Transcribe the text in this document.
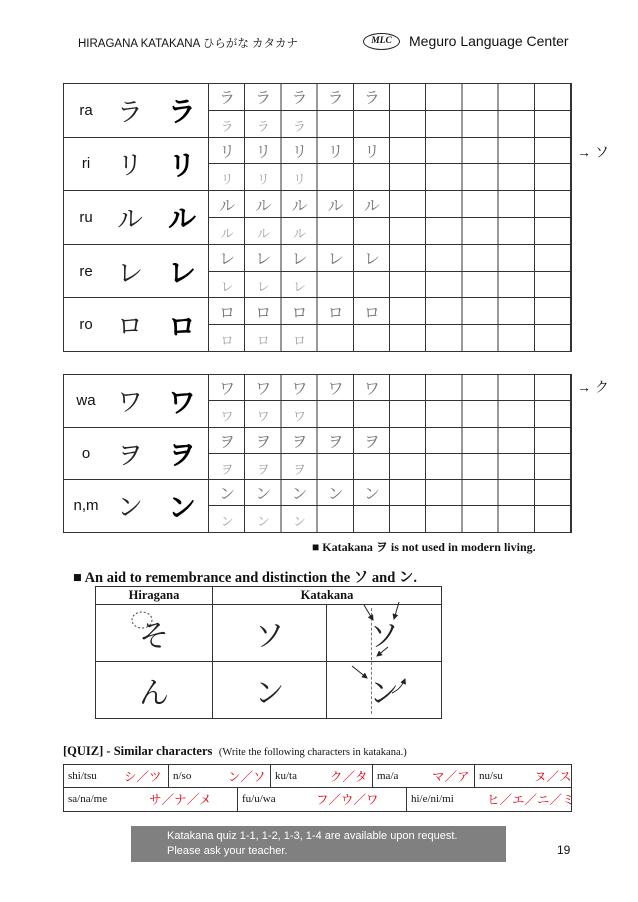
HIRAGANA KATAKANA ひらがな カタカナ	MLC	Meguro Language Center
ra ラ ラ	ラ	ラ	ラ	ラ	ラ
ラ	ラ	ラ
ri	リ リ	リ	リ	リ	リ	リ
リ	リ	リ
ru ル ル	ル	ル	ル	ル	ル
ル	ル	ル
re レ レ	レ	レ	レ	レ	レ
レ	レ	レ
ro ロ ロ	ロ	ロ	ロ	ロ	ロ
ロ	ロ	ロ
→ ソ
wa ワ ワ	ワ	ワ	ワ	ワ	ワ
ワ	ワ	ワ
o	ヲ ヲ	ヲ	ヲ	ヲ	ヲ	ヲ
ヲ	ヲ	ヲ
n,m ン ン	ン	ン	ン	ン	ン
ン	ン	ン
→ ク
■ Katakana ヲ is not used in modern living.
■ An aid to remembrance and distinction the ソ and ン.
Hiragana	Katakana
そ	ソ	ソ
ん	ン	ン
[QUIZ] - Similar characters (Write the following characters in katakana.)
shi/tsu シ／ツ n/so	ン／ソ ku/ta	ク／タ ma/a	マ／ア nu/su ヌ／ス
sa/na/me	サ／ナ／メ	fu/u/wa	フ／ウ／ワ	hi/e/ni/mi	ヒ／エ／ニ／ミ
Katakana quiz 1-1, 1-2, 1-3, 1-4 are available upon request.
Please ask your teacher.	19
